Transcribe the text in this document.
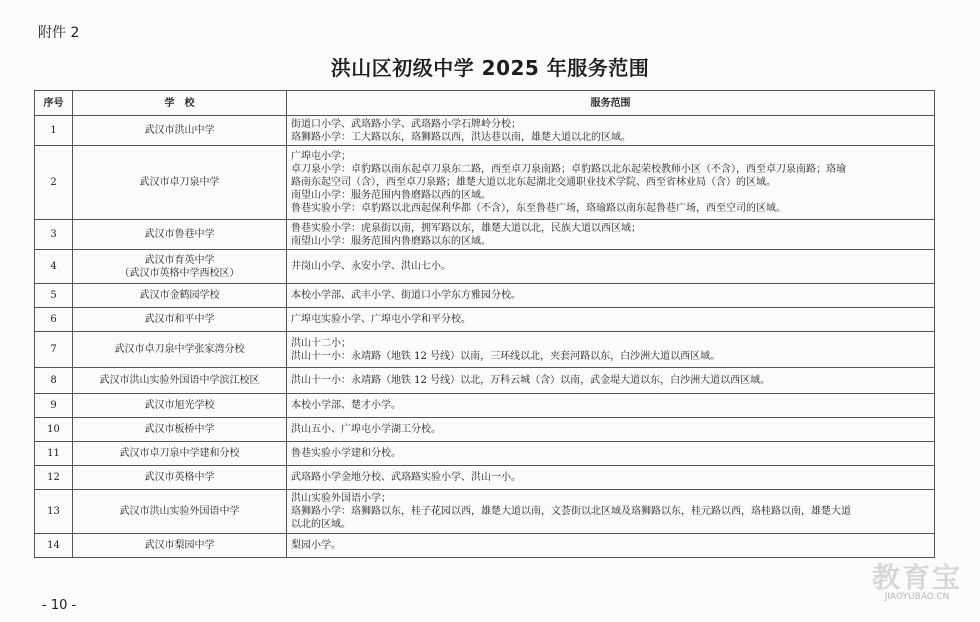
附件 2
洪山区初级中学 2025 年服务范围
序号	学　校	服务范围
1	武汉市洪山中学	街道口小学、武珞路小学、武珞路小学石牌岭分校；
珞狮路小学：工大路以东，珞狮路以西，洪达巷以南，雄楚大道以北的区域。

2	武汉市卓刀泉中学	广埠屯小学；
卓刀泉小学：卓豹路以南东起卓刀泉东二路，西至卓刀泉南路；卓豹路以北东起荣校教师小区（不含），西至卓刀泉南路；珞瑜
路南东起空司（含），西至卓刀泉路；雄楚大道以北东起湖北交通职业技术学院、西至省林业局（含）的区域。
南望山小学：服务范围内鲁磨路以西的区域。
鲁巷实验小学：卓豹路以北西起保利华都（不含），东至鲁巷广场，珞瑜路以南东起鲁巷广场，西至空司的区域。

3	武汉市鲁巷中学	鲁巷实验小学：虎泉街以南，拥军路以东，雄楚大道以北，民族大道以西区域；
南望山小学：服务范围内鲁磨路以东的区域。

4	武汉市育英中学
（武汉市英格中学西校区）	井岗山小学、永安小学、洪山七小。

5	武汉市金鹤园学校	本校小学部、武丰小学、街道口小学东方雅园分校。

6	武汉市和平中学	广埠屯实验小学、广埠屯小学和平分校。

7	武汉市卓刀泉中学张家湾分校	洪山十二小；
洪山十一小：永靖路（地铁 12 号线）以南，三环线以北，夹套河路以东，白沙洲大道以西区域。

8	武汉市洪山实验外国语中学滨江校区	洪山十一小：永靖路（地铁 12 号线）以北，万科云城（含）以南，武金堤大道以东，白沙洲大道以西区域。

9	武汉市旭光学校	本校小学部、楚才小学。

10	武汉市板桥中学	洪山五小、广埠屯小学湖工分校。

11	武汉市卓刀泉中学建和分校	鲁巷实验小学建和分校。

12	武汉市英格中学	武珞路小学金地分校、武珞路实验小学、洪山一小。

13	武汉市洪山实验外国语中学	洪山实验外国语小学；
珞狮路小学：珞狮路以东，桂子花园以西，雄楚大道以南，文荟街以北区域及珞狮路以东，桂元路以西，珞桂路以南，雄楚大道
以北的区域。

14	武汉市梨园中学	梨园小学。
- 10 -
教育宝
JIAOYUBAO.CN
